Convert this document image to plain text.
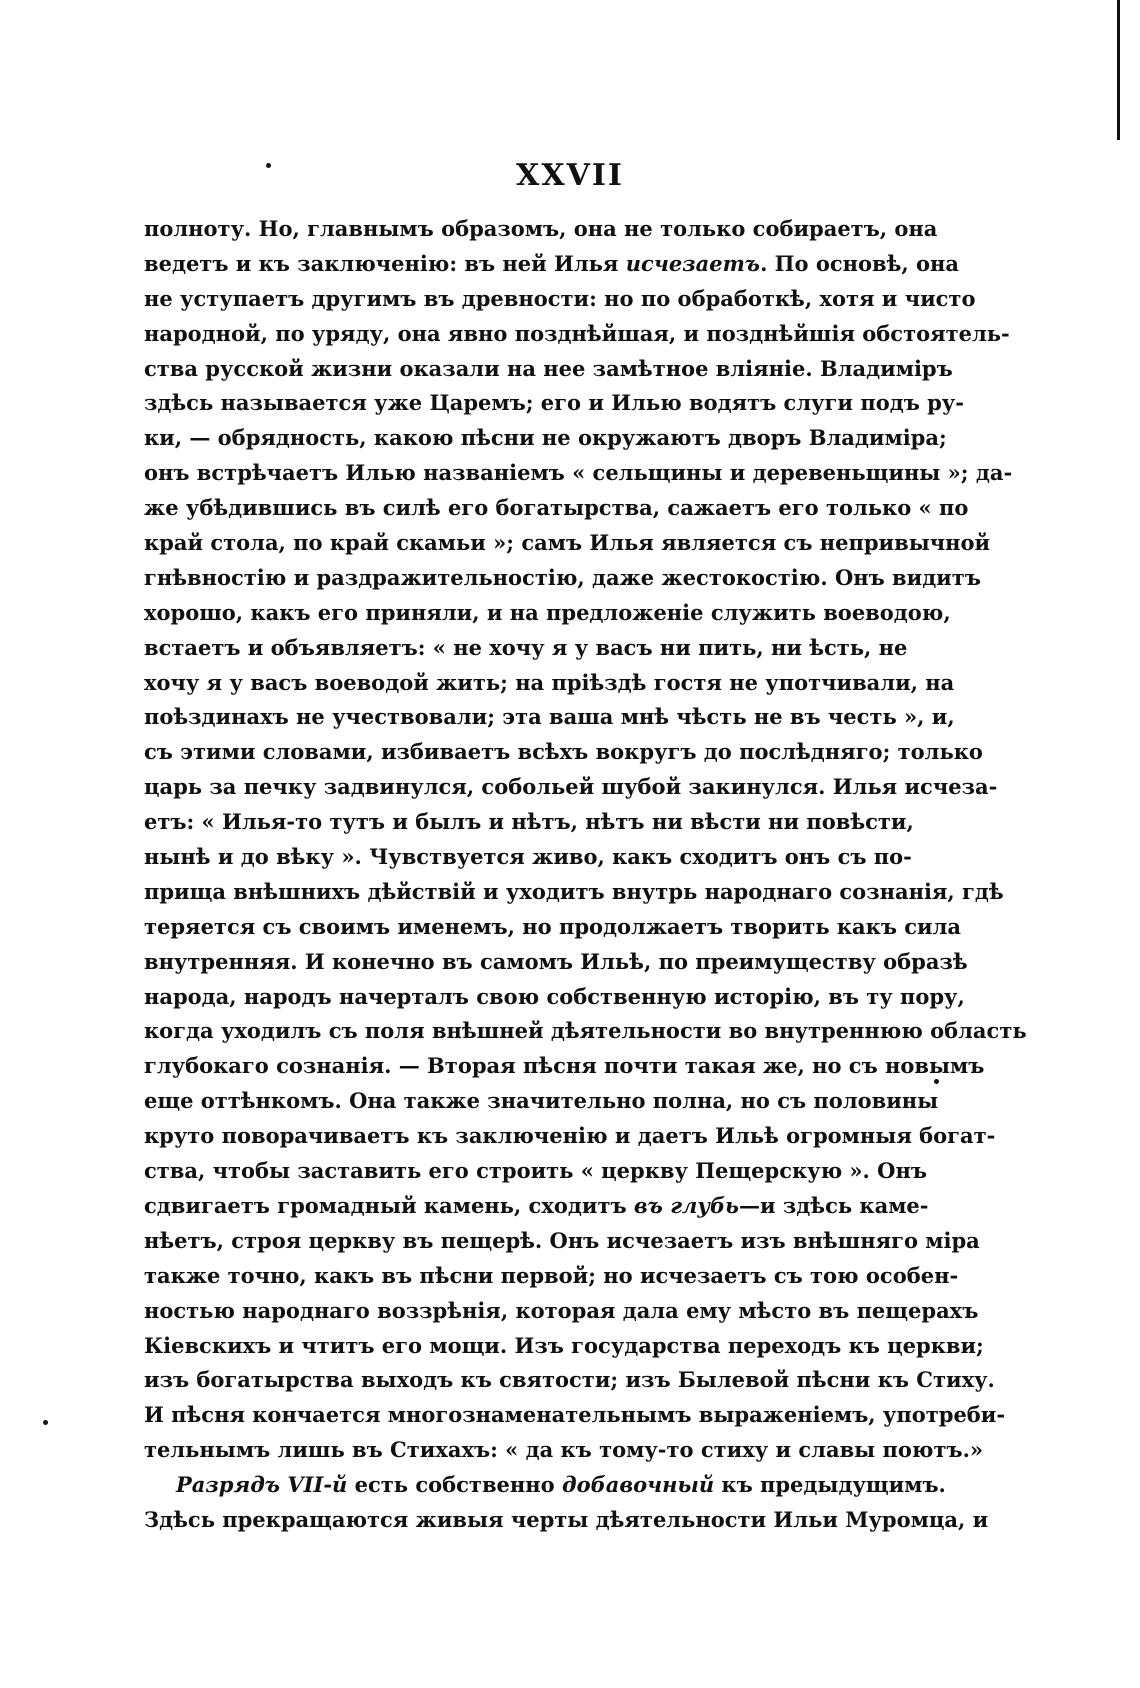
XXVII
полноту. Но, главнымъ образомъ, она не только собираетъ, она
ведетъ и къ заключенію: въ ней Илья исчезаетъ. По основѣ, она
не уступаетъ другимъ въ древности: но по обработкѣ, хотя и чисто
народной, по уряду, она явно позднѣйшая, и позднѣйшія обстоятель-
ства русской жизни оказали на нее замѣтное вліяніе. Владиміръ
здѣсь называется уже Царемъ; его и Илью водятъ слуги подъ ру-
ки, — обрядность, какою пѣсни не окружаютъ дворъ Владиміра;
онъ встрѣчаетъ Илью названіемъ « сельщины и деревеньщины »; да-
же убѣдившись въ силѣ его богатырства, сажаетъ его только « по
край стола, по край скамьи »; самъ Илья является съ непривычной
гнѣвностію и раздражительностію, даже жестокостію. Онъ видитъ
хорошо, какъ его приняли, и на предложеніе служить воеводою,
встаетъ и объявляетъ: « не хочу я у васъ ни пить, ни ѣсть, не
хочу я у васъ воеводой жить; на пріѣздѣ гостя не употчивали, на
поѣздинахъ не учествовали; эта ваша мнѣ чѣсть не въ честь », и,
съ этими словами, избиваетъ всѣхъ вокругъ до послѣдняго; только
царь за печку задвинулся, собольей шубой закинулся. Илья исчеза-
етъ: « Илья-то тутъ и былъ и нѣтъ, нѣтъ ни вѣсти ни повѣсти,
нынѣ и до вѣку ». Чувствуется живо, какъ сходитъ онъ съ по-
прища внѣшнихъ дѣйствій и уходитъ внутрь народнаго сознанія, гдѣ
теряется съ своимъ именемъ, но продолжаетъ творить какъ сила
внутренняя. И конечно въ самомъ Ильѣ, по преимуществу образѣ
народа, народъ начерталъ свою собственную исторію, въ ту пору,
когда уходилъ съ поля внѣшней дѣятельности во внутреннюю область
глубокаго сознанія. — Вторая пѣсня почти такая же, но съ новымъ
еще оттѣнкомъ. Она также значительно полна, но съ половины
круто поворачиваетъ къ заключенію и даетъ Ильѣ огромныя богат-
ства, чтобы заставить его строить « церкву Пещерскую ». Онъ
сдвигаетъ громадный камень, сходитъ въ глубь—и здѣсь каме-
нѣетъ, строя церкву въ пещерѣ. Онъ исчезаетъ изъ внѣшняго міра
также точно, какъ въ пѣсни первой; но исчезаетъ съ тою особен-
ностью народнаго воззрѣнія, которая дала ему мѣсто въ пещерахъ
Кіевскихъ и чтитъ его мощи. Изъ государства переходъ къ церкви;
изъ богатырства выходъ къ святости; изъ Былевой пѣсни къ Стиху.
И пѣсня кончается многознаменательнымъ выраженіемъ, употреби-
тельнымъ лишь въ Стихахъ: « да къ тому-то стиху и славы поютъ.»
Разрядъ VII-й есть собственно добавочный къ предыдущимъ.
Здѣсь прекращаются живыя черты дѣятельности Ильи Муромца, и
